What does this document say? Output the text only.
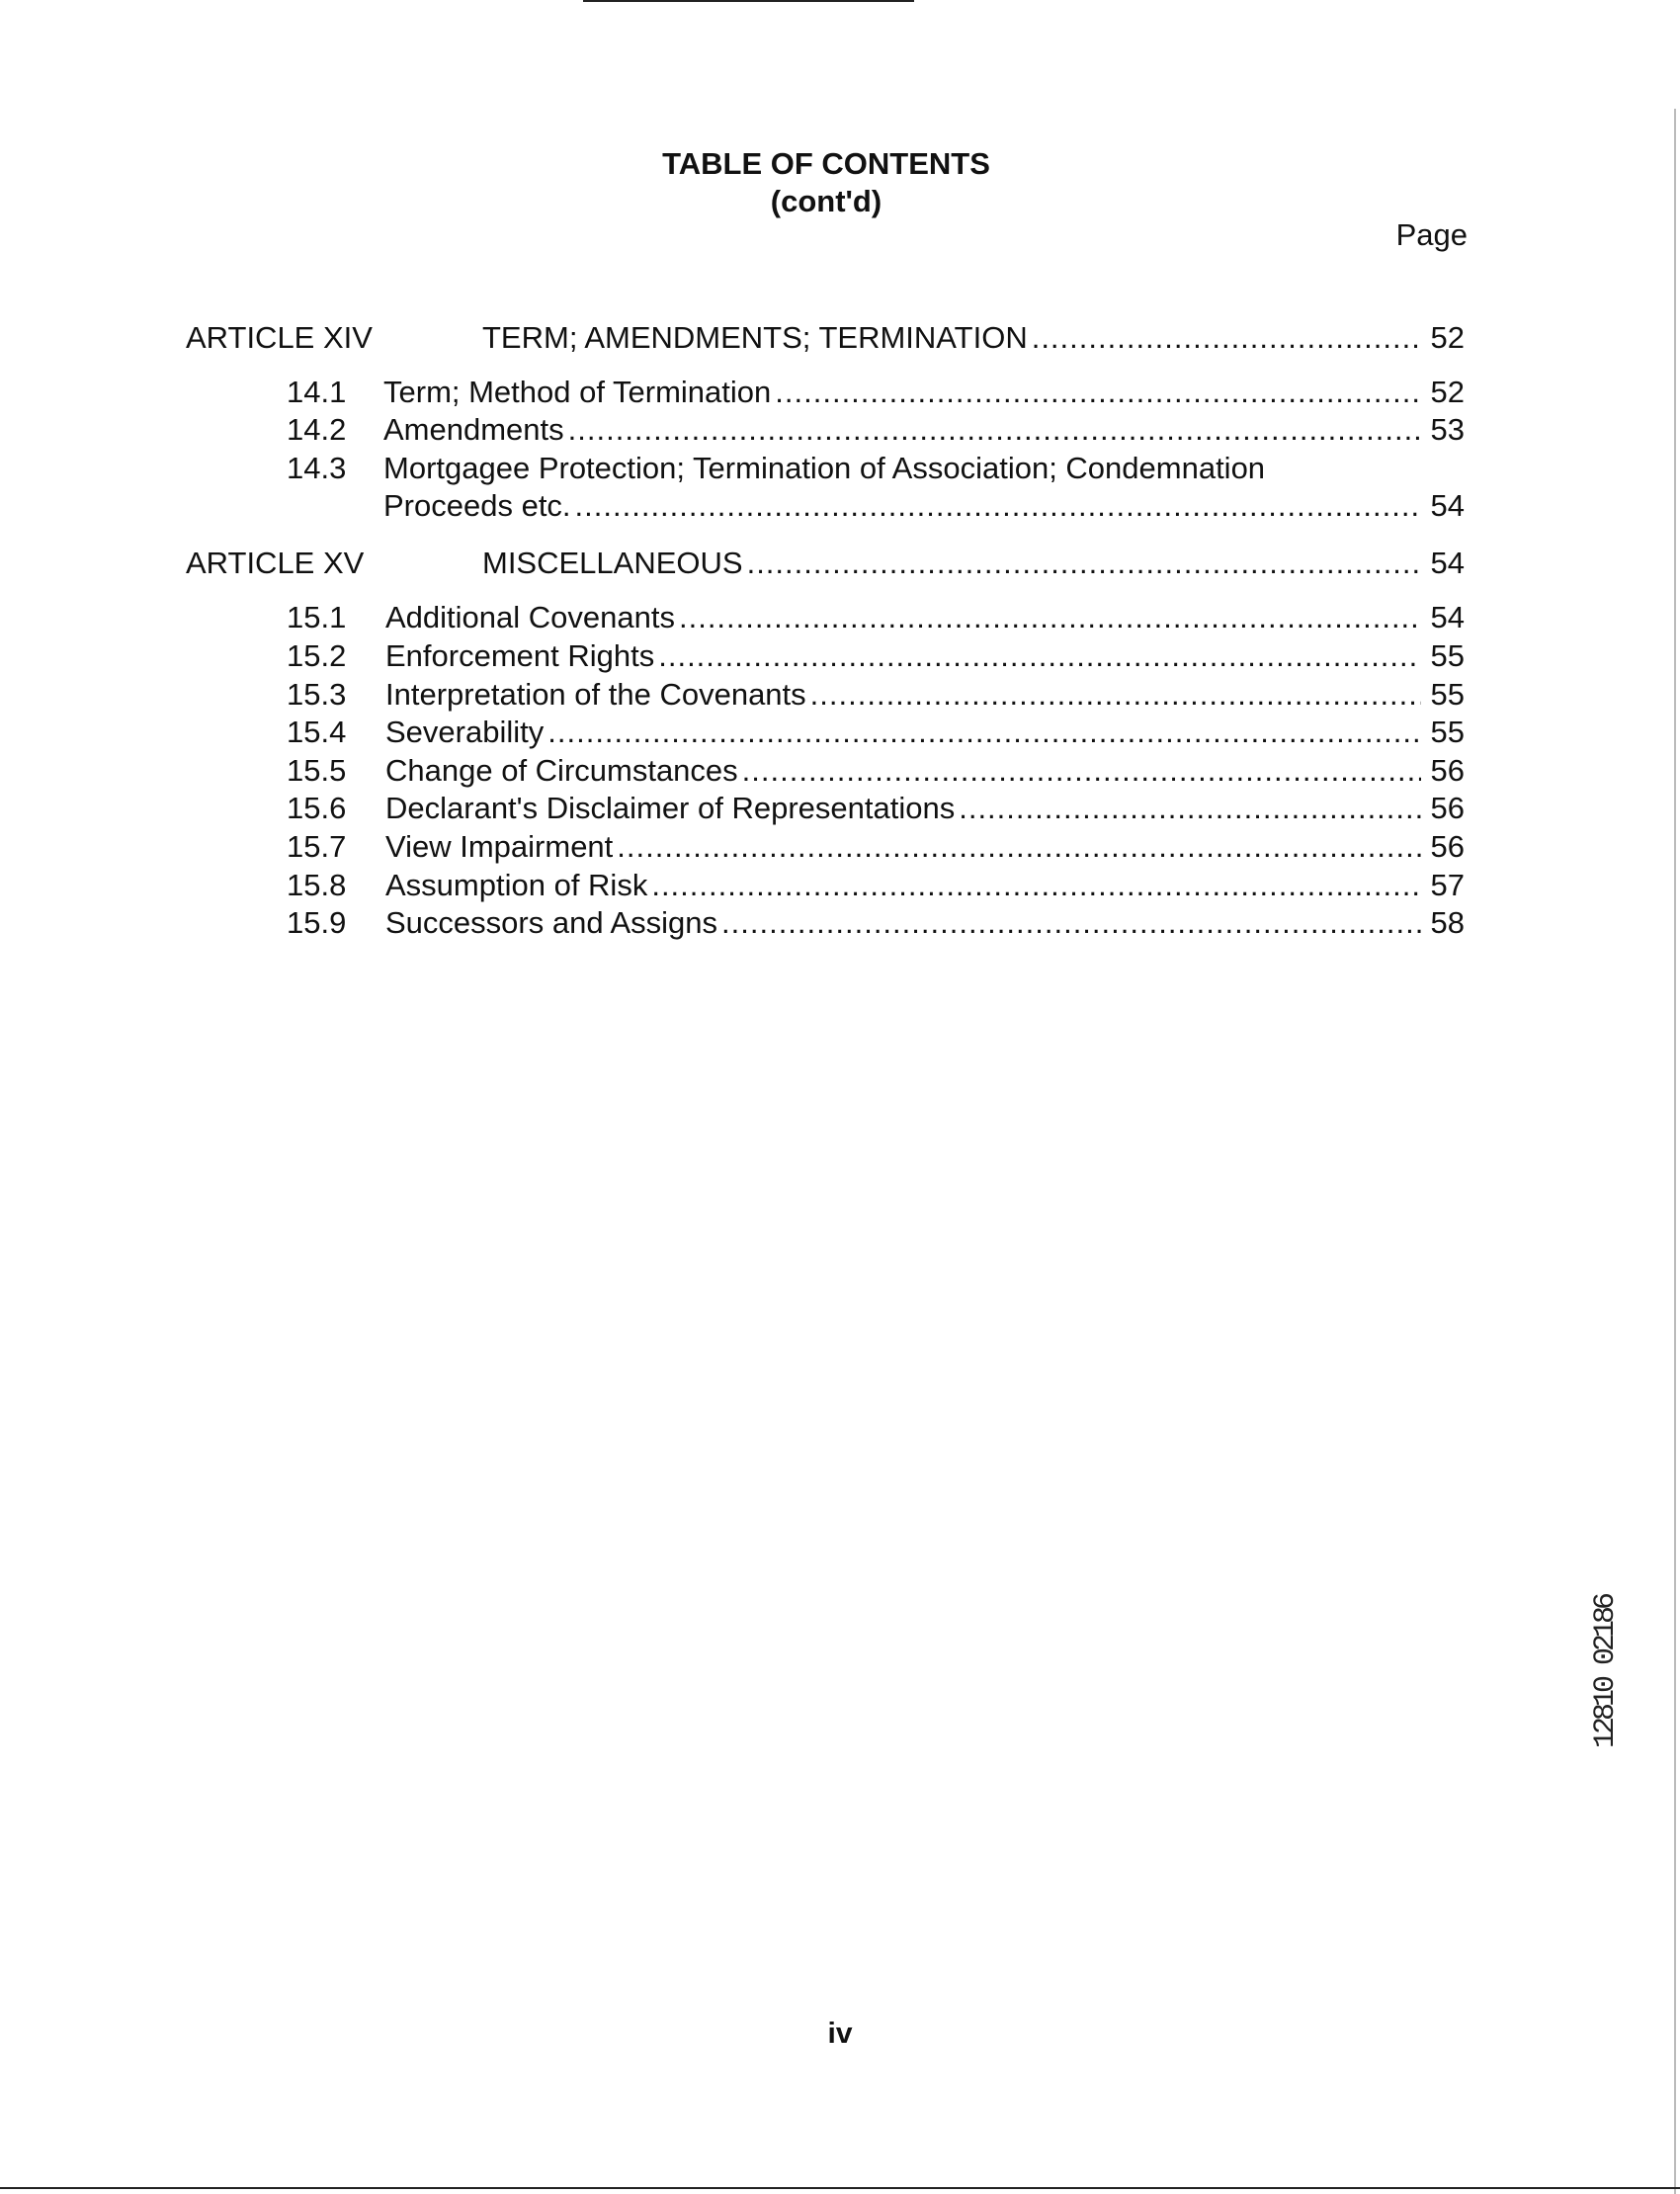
TABLE OF CONTENTS
(cont'd)
Page
ARTICLE XIV	TERM; AMENDMENTS; TERMINATION .....	52
14.1 Term; Method of Termination .....	52
14.2 Amendments .....	53
14.3 Mortgagee Protection; Termination of Association; Condemnation
Proceeds etc. .....	54
ARTICLE XV	MISCELLANEOUS .....	54
15.1 Additional Covenants .....	54
15.2 Enforcement Rights .....	55
15.3 Interpretation of the Covenants .....	55
15.4 Severability .....	55
15.5 Change of Circumstances .....	56
15.6 Declarant's Disclaimer of Representations .....	56
15.7 View Impairment .....	56
15.8 Assumption of Risk .....	57
15.9 Successors and Assigns .....	58
12810 02186
iv
